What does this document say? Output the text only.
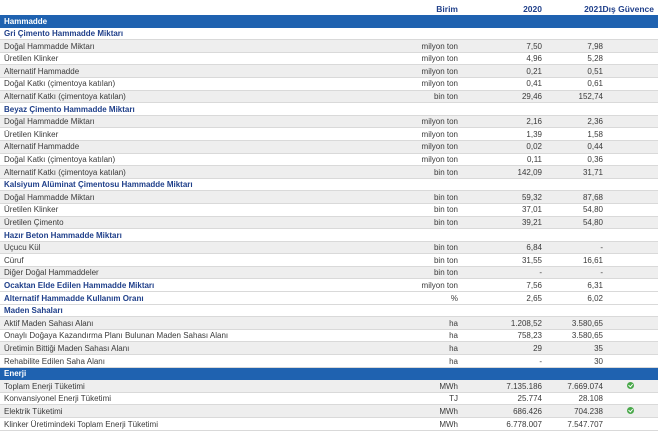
Birim	2020	2021 Dış Güvence
Hammadde
Gri Çimento Hammadde Miktarı
Doğal Hammadde Miktarı	milyon ton	7,50	7,98
Üretilen Klinker	milyon ton	4,96	5,28
Alternatif Hammadde	milyon ton	0,21	0,51
Doğal Katkı (çimentoya katılan)	milyon ton	0,41	0,61
Alternatif Katkı (çimentoya katılan)	bin ton	29,46	152,74
Beyaz Çimento Hammadde Miktarı
Doğal Hammadde Miktarı	milyon ton	2,16	2,36
Üretilen Klinker	milyon ton	1,39	1,58
Alternatif Hammadde	milyon ton	0,02	0,44
Doğal Katkı (çimentoya katılan)	milyon ton	0,11	0,36
Alternatif Katkı (çimentoya katılan)	bin ton	142,09	31,71
Kalsiyum Alüminat Çimentosu Hammadde Miktarı
Doğal Hammadde Miktarı	bin ton	59,32	87,68
Üretilen Klinker	bin ton	37,01	54,80
Üretilen Çimento	bin ton	39,21	54,80
Hazır Beton Hammadde Miktarı
Uçucu Kül	bin ton	6,84	-
Cüruf	bin ton	31,55	16,61
Diğer Doğal Hammaddeler	bin ton	-	-
Ocaktan Elde Edilen Hammadde Miktarı	milyon ton	7,56	6,31
Alternatif Hammadde Kullanım Oranı	%	2,65	6,02
Maden Sahaları
Aktif Maden Sahası Alanı	ha	1.208,52	3.580,65
Onaylı Doğaya Kazandırma Planı Bulunan Maden Sahası Alanı	ha	758,23	3.580,65
Üretimin Bittiği Maden Sahası Alanı	ha	29	35
Rehabilite Edilen Saha Alanı	ha	-	30
Enerji
Toplam Enerji Tüketimi	MWh	7.135.186	7.669.074
Konvansiyonel Enerji Tüketimi	TJ	25.774	28.108
Elektrik Tüketimi	MWh	686.426	704.238
Klinker Üretimindeki Toplam Enerji Tüketimi	MWh	6.778.007	7.547.707
